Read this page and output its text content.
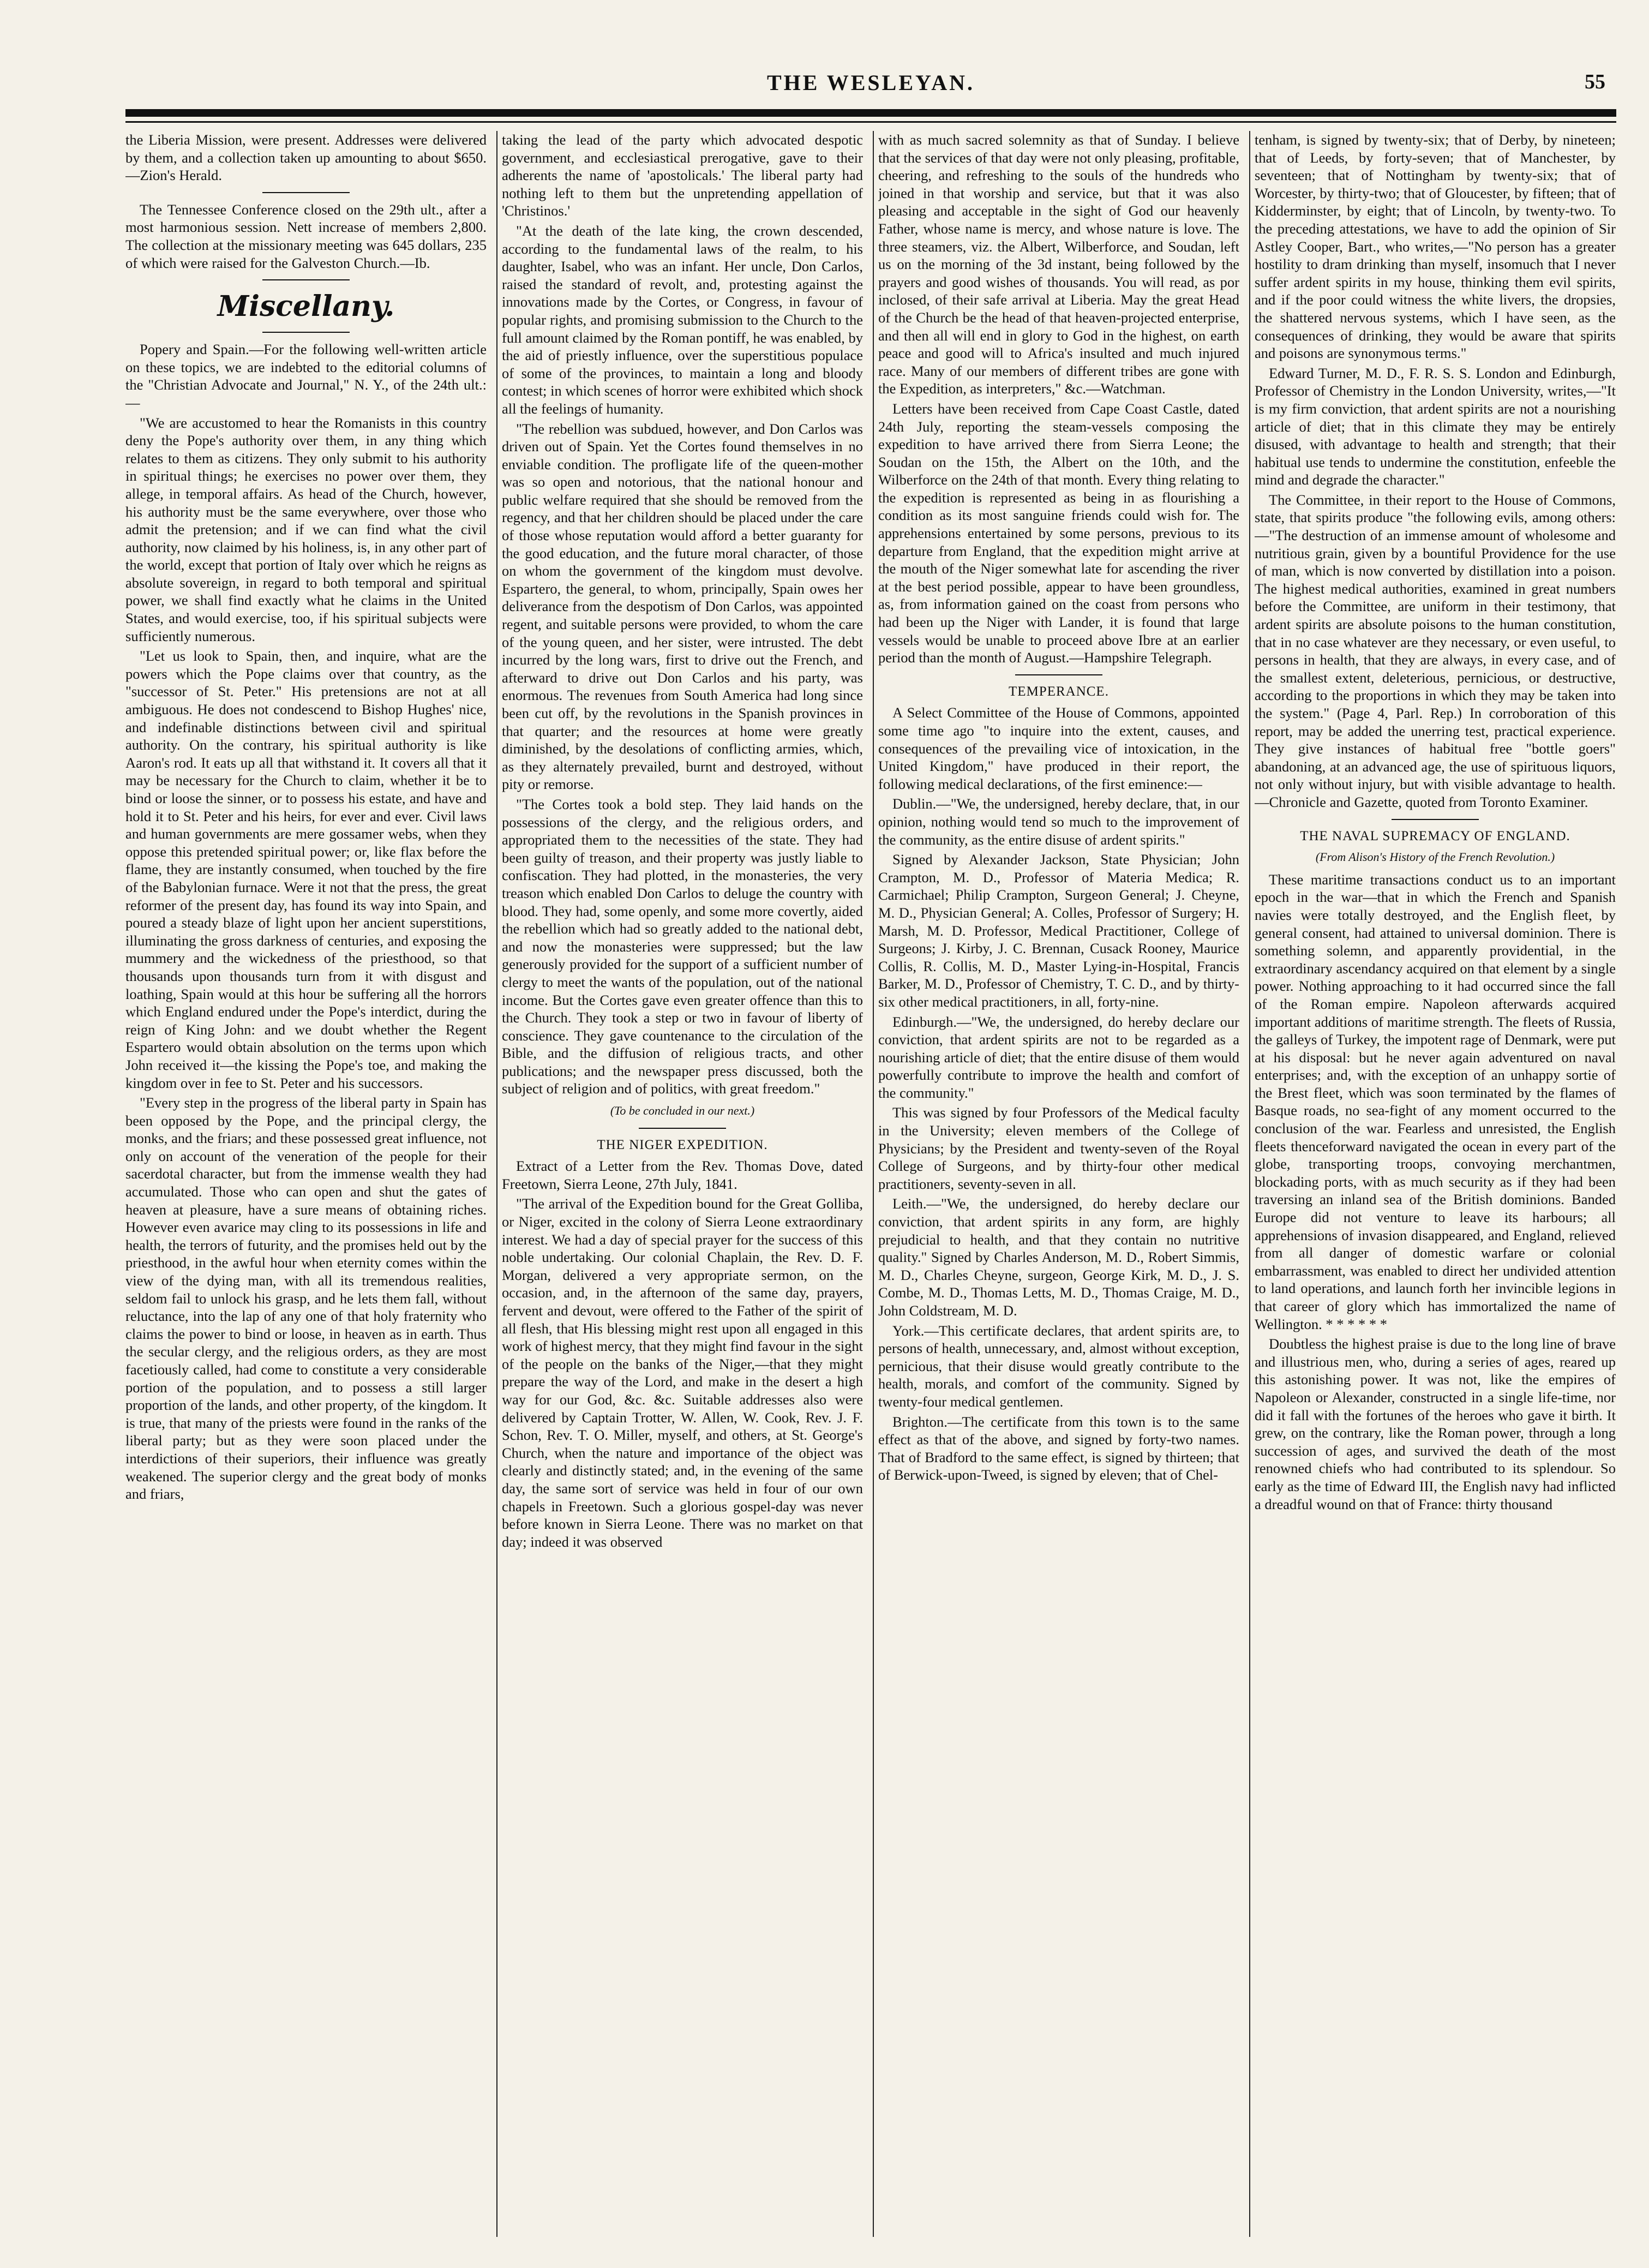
THE WESLEYAN.	55

the Liberia Mission, were present. Addresses were delivered by them, and a collection taken up amounting to about $650.—Zion's Herald.

The Tennessee Conference closed on the 29th ult., after a most harmonious session. Nett increase of members 2,800. The collection at the missionary meeting was 645 dollars, 235 of which were raised for the Galveston Church.—Ib.

Miscellany.

Popery and Spain.—For the following well-written article on these topics, we are indebted to the editorial columns of the "Christian Advocate and Journal," N. Y., of the 24th ult.:—

"We are accustomed to hear the Romanists in this country deny the Pope's authority over them, in any thing which relates to them as citizens. They only submit to his authority in spiritual things; he exercises no power over them, they allege, in temporal affairs. As head of the Church, however, his authority must be the same everywhere, over those who admit the pretension; and if we can find what the civil authority, now claimed by his holiness, is, in any other part of the world, except that portion of Italy over which he reigns as absolute sovereign, in regard to both temporal and spiritual power, we shall find exactly what he claims in the United States, and would exercise, too, if his spiritual subjects were sufficiently numerous.

"Let us look to Spain, then, and inquire, what are the powers which the Pope claims over that country, as the "successor of St. Peter." His pretensions are not at all ambiguous. He does not condescend to Bishop Hughes' nice, and indefinable distinctions between civil and spiritual authority. On the contrary, his spiritual authority is like Aaron's rod. It eats up all that withstand it. It covers all that it may be necessary for the Church to claim, whether it be to bind or loose the sinner, or to possess his estate, and have and hold it to St. Peter and his heirs, for ever and ever. Civil laws and human governments are mere gossamer webs, when they oppose this pretended spiritual power; or, like flax before the flame, they are instantly consumed, when touched by the fire of the Babylonian furnace. Were it not that the press, the great reformer of the present day, has found its way into Spain, and poured a steady blaze of light upon her ancient superstitions, illuminating the gross darkness of centuries, and exposing the mummery and the wickedness of the priesthood, so that thousands upon thousands turn from it with disgust and loathing, Spain would at this hour be suffering all the horrors which England endured under the Pope's interdict, during the reign of King John: and we doubt whether the Regent Espartero would obtain absolution on the terms upon which John received it—the kissing the Pope's toe, and making the kingdom over in fee to St. Peter and his successors.

"Every step in the progress of the liberal party in Spain has been opposed by the Pope, and the principal clergy, the monks, and the friars; and these possessed great influence, not only on account of the veneration of the people for their sacerdotal character, but from the immense wealth they had accumulated. Those who can open and shut the gates of heaven at pleasure, have a sure means of obtaining riches. However even avarice may cling to its possessions in life and health, the terrors of futurity, and the promises held out by the priesthood, in the awful hour when eternity comes within the view of the dying man, with all its tremendous realities, seldom fail to unlock his grasp, and he lets them fall, without reluctance, into the lap of any one of that holy fraternity who claims the power to bind or loose, in heaven as in earth. Thus the secular clergy, and the religious orders, as they are most facetiously called, had come to constitute a very considerable portion of the population, and to possess a still larger proportion of the lands, and other property, of the kingdom. It is true, that many of the priests were found in the ranks of the liberal party; but as they were soon placed under the interdictions of their superiors, their influence was greatly weakened. The superior clergy and the great body of monks and friars,

taking the lead of the party which advocated despotic government, and ecclesiastical prerogative, gave to their adherents the name of 'apostolicals.' The liberal party had nothing left to them but the unpretending appellation of 'Christinos.'

"At the death of the late king, the crown descended, according to the fundamental laws of the realm, to his daughter, Isabel, who was an infant. Her uncle, Don Carlos, raised the standard of revolt, and, protesting against the innovations made by the Cortes, or Congress, in favour of popular rights, and promising submission to the Church to the full amount claimed by the Roman pontiff, he was enabled, by the aid of priestly influence, over the superstitious populace of some of the provinces, to maintain a long and bloody contest; in which scenes of horror were exhibited which shock all the feelings of humanity.

"The rebellion was subdued, however, and Don Carlos was driven out of Spain. Yet the Cortes found themselves in no enviable condition. The profligate life of the queen-mother was so open and notorious, that the national honour and public welfare required that she should be removed from the regency, and that her children should be placed under the care of those whose reputation would afford a better guaranty for the good education, and the future moral character, of those on whom the government of the kingdom must devolve. Espartero, the general, to whom, principally, Spain owes her deliverance from the despotism of Don Carlos, was appointed regent, and suitable persons were provided, to whom the care of the young queen, and her sister, were intrusted. The debt incurred by the long wars, first to drive out the French, and afterward to drive out Don Carlos and his party, was enormous. The revenues from South America had long since been cut off, by the revolutions in the Spanish provinces in that quarter; and the resources at home were greatly diminished, by the desolations of conflicting armies, which, as they alternately prevailed, burnt and destroyed, without pity or remorse.

"The Cortes took a bold step. They laid hands on the possessions of the clergy, and the religious orders, and appropriated them to the necessities of the state. They had been guilty of treason, and their property was justly liable to confiscation. They had plotted, in the monasteries, the very treason which enabled Don Carlos to deluge the country with blood. They had, some openly, and some more covertly, aided the rebellion which had so greatly added to the national debt, and now the monasteries were suppressed; but the law generously provided for the support of a sufficient number of clergy to meet the wants of the population, out of the national income. But the Cortes gave even greater offence than this to the Church. They took a step or two in favour of liberty of conscience. They gave countenance to the circulation of the Bible, and the diffusion of religious tracts, and other publications; and the newspaper press discussed, both the subject of religion and of politics, with great freedom."

(To be concluded in our next.)

THE NIGER EXPEDITION.

Extract of a Letter from the Rev. Thomas Dove, dated Freetown, Sierra Leone, 27th July, 1841.

"The arrival of the Expedition bound for the Great Golliba, or Niger, excited in the colony of Sierra Leone extraordinary interest. We had a day of special prayer for the success of this noble undertaking. Our colonial Chaplain, the Rev. D. F. Morgan, delivered a very appropriate sermon, on the occasion, and, in the afternoon of the same day, prayers, fervent and devout, were offered to the Father of the spirit of all flesh, that His blessing might rest upon all engaged in this work of highest mercy, that they might find favour in the sight of the people on the banks of the Niger,—that they might prepare the way of the Lord, and make in the desert a high way for our God, &c. &c. Suitable addresses also were delivered by Captain Trotter, W. Allen, W. Cook, Rev. J. F. Schon, Rev. T. O. Miller, myself, and others, at St. George's Church, when the nature and importance of the object was clearly and distinctly stated; and, in the evening of the same day, the same sort of service was held in four of our own chapels in Freetown. Such a glorious gospel-day was never before known in Sierra Leone. There was no market on that day; indeed it was observed

with as much sacred solemnity as that of Sunday. I believe that the services of that day were not only pleasing, profitable, cheering, and refreshing to the souls of the hundreds who joined in that worship and service, but that it was also pleasing and acceptable in the sight of God our heavenly Father, whose name is mercy, and whose nature is love. The three steamers, viz. the Albert, Wilberforce, and Soudan, left us on the morning of the 3d instant, being followed by the prayers and good wishes of thousands. You will read, as por inclosed, of their safe arrival at Liberia. May the great Head of the Church be the head of that heaven-projected enterprise, and then all will end in glory to God in the highest, on earth peace and good will to Africa's insulted and much injured race. Many of our members of different tribes are gone with the Expedition, as interpreters," &c.—Watchman.

Letters have been received from Cape Coast Castle, dated 24th July, reporting the steam-vessels composing the expedition to have arrived there from Sierra Leone; the Soudan on the 15th, the Albert on the 10th, and the Wilberforce on the 24th of that month. Every thing relating to the expedition is represented as being in as flourishing a condition as its most sanguine friends could wish for. The apprehensions entertained by some persons, previous to its departure from England, that the expedition might arrive at the mouth of the Niger somewhat late for ascending the river at the best period possible, appear to have been groundless, as, from information gained on the coast from persons who had been up the Niger with Lander, it is found that large vessels would be unable to proceed above Ibre at an earlier period than the month of August.—Hampshire Telegraph.

TEMPERANCE.

A Select Committee of the House of Commons, appointed some time ago "to inquire into the extent, causes, and consequences of the prevailing vice of intoxication, in the United Kingdom," have produced in their report, the following medical declarations, of the first eminence:—

Dublin.—"We, the undersigned, hereby declare, that, in our opinion, nothing would tend so much to the improvement of the community, as the entire disuse of ardent spirits."

Signed by Alexander Jackson, State Physician; John Crampton, M. D., Professor of Materia Medica; R. Carmichael; Philip Crampton, Surgeon General; J. Cheyne, M. D., Physician General; A. Colles, Professor of Surgery; H. Marsh, M. D. Professor, Medical Practitioner, College of Surgeons; J. Kirby, J. C. Brennan, Cusack Rooney, Maurice Collis, R. Collis, M. D., Master Lying-in-Hospital, Francis Barker, M. D., Professor of Chemistry, T. C. D., and by thirty-six other medical practitioners, in all, forty-nine.

Edinburgh.—"We, the undersigned, do hereby declare our conviction, that ardent spirits are not to be regarded as a nourishing article of diet; that the entire disuse of them would powerfully contribute to improve the health and comfort of the community."

This was signed by four Professors of the Medical faculty in the University; eleven members of the College of Physicians; by the President and twenty-seven of the Royal College of Surgeons, and by thirty-four other medical practitioners, seventy-seven in all.

Leith.—"We, the undersigned, do hereby declare our conviction, that ardent spirits in any form, are highly prejudicial to health, and that they contain no nutritive quality." Signed by Charles Anderson, M. D., Robert Simmis, M. D., Charles Cheyne, surgeon, George Kirk, M. D., J. S. Combe, M. D., Thomas Letts, M. D., Thomas Craige, M. D., John Coldstream, M. D.

York.—This certificate declares, that ardent spirits are, to persons of health, unnecessary, and, almost without exception, pernicious, that their disuse would greatly contribute to the health, morals, and comfort of the community. Signed by twenty-four medical gentlemen.

Brighton.—The certificate from this town is to the same effect as that of the above, and signed by forty-two names. That of Bradford to the same effect, is signed by thirteen; that of Berwick-upon-Tweed, is signed by eleven; that of Chel-

tenham, is signed by twenty-six; that of Derby, by nineteen; that of Leeds, by forty-seven; that of Manchester, by seventeen; that of Nottingham by twenty-six; that of Worcester, by thirty-two; that of Gloucester, by fifteen; that of Kidderminster, by eight; that of Lincoln, by twenty-two. To the preceding attestations, we have to add the opinion of Sir Astley Cooper, Bart., who writes,—"No person has a greater hostility to dram drinking than myself, insomuch that I never suffer ardent spirits in my house, thinking them evil spirits, and if the poor could witness the white livers, the dropsies, the shattered nervous systems, which I have seen, as the consequences of drinking, they would be aware that spirits and poisons are synonymous terms."

Edward Turner, M. D., F. R. S. S. London and Edinburgh, Professor of Chemistry in the London University, writes,—"It is my firm conviction, that ardent spirits are not a nourishing article of diet; that in this climate they may be entirely disused, with advantage to health and strength; that their habitual use tends to undermine the constitution, enfeeble the mind and degrade the character."

The Committee, in their report to the House of Commons, state, that spirits produce "the following evils, among others:—"The destruction of an immense amount of wholesome and nutritious grain, given by a bountiful Providence for the use of man, which is now converted by distillation into a poison. The highest medical authorities, examined in great numbers before the Committee, are uniform in their testimony, that ardent spirits are absolute poisons to the human constitution, that in no case whatever are they necessary, or even useful, to persons in health, that they are always, in every case, and of the smallest extent, deleterious, pernicious, or destructive, according to the proportions in which they may be taken into the system." (Page 4, Parl. Rep.) In corroboration of this report, may be added the unerring test, practical experience. They give instances of habitual free "bottle goers" abandoning, at an advanced age, the use of spirituous liquors, not only without injury, but with visible advantage to health.—Chronicle and Gazette, quoted from Toronto Examiner.

THE NAVAL SUPREMACY OF ENGLAND.

(From Alison's History of the French Revolution.)

These maritime transactions conduct us to an important epoch in the war—that in which the French and Spanish navies were totally destroyed, and the English fleet, by general consent, had attained to universal dominion. There is something solemn, and apparently providential, in the extraordinary ascendancy acquired on that element by a single power. Nothing approaching to it had occurred since the fall of the Roman empire. Napoleon afterwards acquired important additions of maritime strength. The fleets of Russia, the galleys of Turkey, the impotent rage of Denmark, were put at his disposal: but he never again adventured on naval enterprises; and, with the exception of an unhappy sortie of the Brest fleet, which was soon terminated by the flames of Basque roads, no sea-fight of any moment occurred to the conclusion of the war. Fearless and unresisted, the English fleets thenceforward navigated the ocean in every part of the globe, transporting troops, convoying merchantmen, blockading ports, with as much security as if they had been traversing an inland sea of the British dominions. Banded Europe did not venture to leave its harbours; all apprehensions of invasion disappeared, and England, relieved from all danger of domestic warfare or colonial embarrassment, was enabled to direct her undivided attention to land operations, and launch forth her invincible legions in that career of glory which has immortalized the name of Wellington. * * * * * *

Doubtless the highest praise is due to the long line of brave and illustrious men, who, during a series of ages, reared up this astonishing power. It was not, like the empires of Napoleon or Alexander, constructed in a single life-time, nor did it fall with the fortunes of the heroes who gave it birth. It grew, on the contrary, like the Roman power, through a long succession of ages, and survived the death of the most renowned chiefs who had contributed to its splendour. So early as the time of Edward III, the English navy had inflicted a dreadful wound on that of France: thirty thousand
